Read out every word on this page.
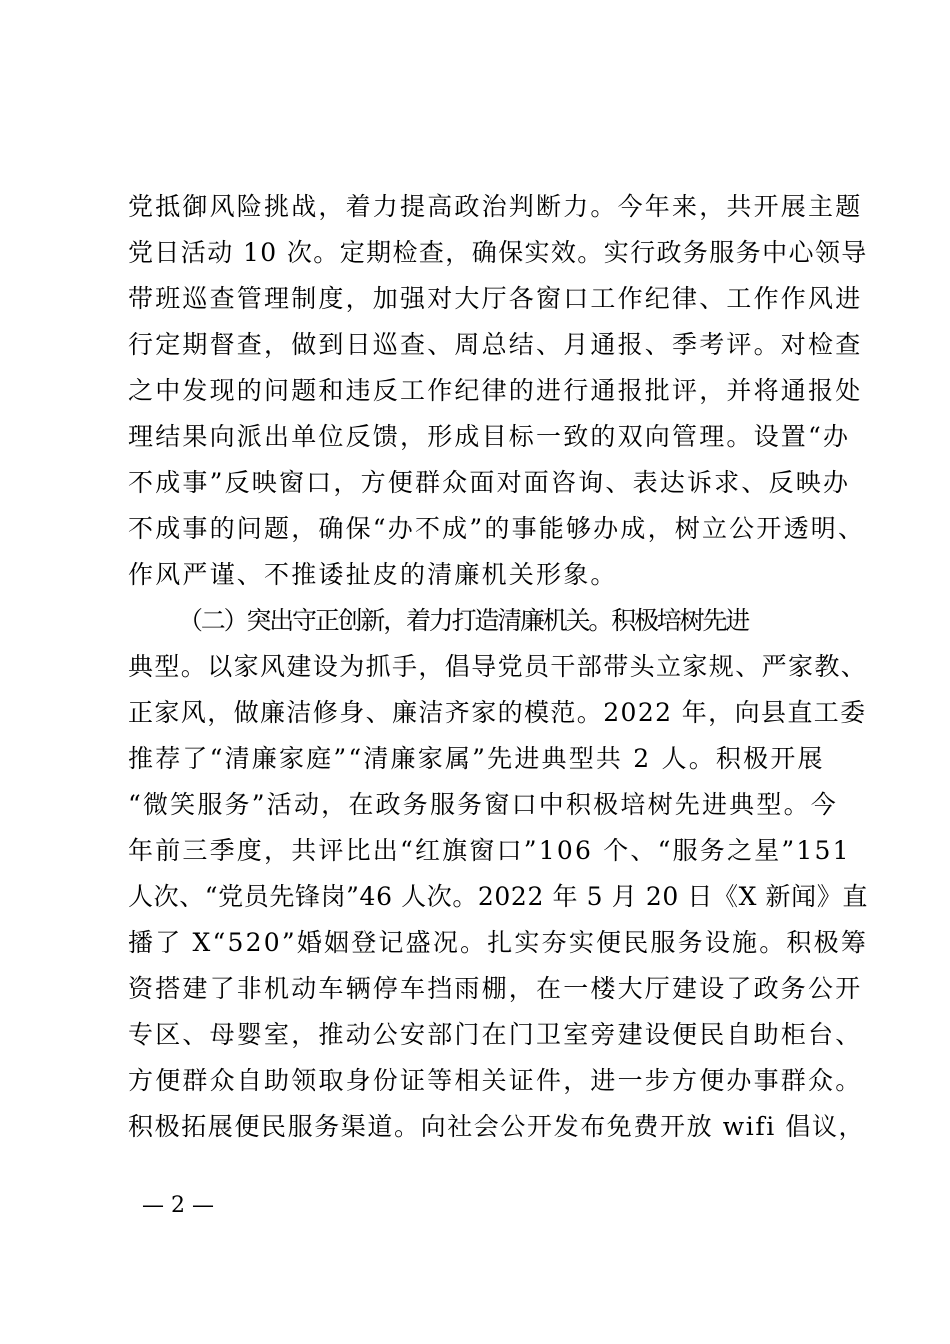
党抵御风险挑战，着力提高政治判断力。今年来，共开展主题
党日活动 10 次。定期检查，确保实效。实行政务服务中心领导
带班巡查管理制度，加强对大厅各窗口工作纪律、工作作风进
行定期督查，做到日巡查、周总结、月通报、季考评。对检查
之中发现的问题和违反工作纪律的进行通报批评，并将通报处
理结果向派出单位反馈，形成目标一致的双向管理。设置“办
不成事”反映窗口，方便群众面对面咨询、表达诉求、反映办
不成事的问题，确保“办不成”的事能够办成，树立公开透明、
作风严谨、不推诿扯皮的清廉机关形象。
（二）突出守正创新，着力打造清廉机关。积极培树先进
典型。以家风建设为抓手，倡导党员干部带头立家规、严家教、
正家风，做廉洁修身、廉洁齐家的模范。2022 年，向县直工委
推荐了“清廉家庭”“清廉家属”先进典型共 2 人。积极开展
“微笑服务”活动，在政务服务窗口中积极培树先进典型。今
年前三季度，共评比出“红旗窗口”106 个、“服务之星”151
人次、“党员先锋岗”46 人次。2022 年 5 月 20 日《X 新闻》直
播了 X“520”婚姻登记盛况。扎实夯实便民服务设施。积极筹
资搭建了非机动车辆停车挡雨棚，在一楼大厅建设了政务公开
专区、母婴室，推动公安部门在门卫室旁建设便民自助柜台、
方便群众自助领取身份证等相关证件，进一步方便办事群众。
积极拓展便民服务渠道。向社会公开发布免费开放 wifi 倡议，
— 2 —
